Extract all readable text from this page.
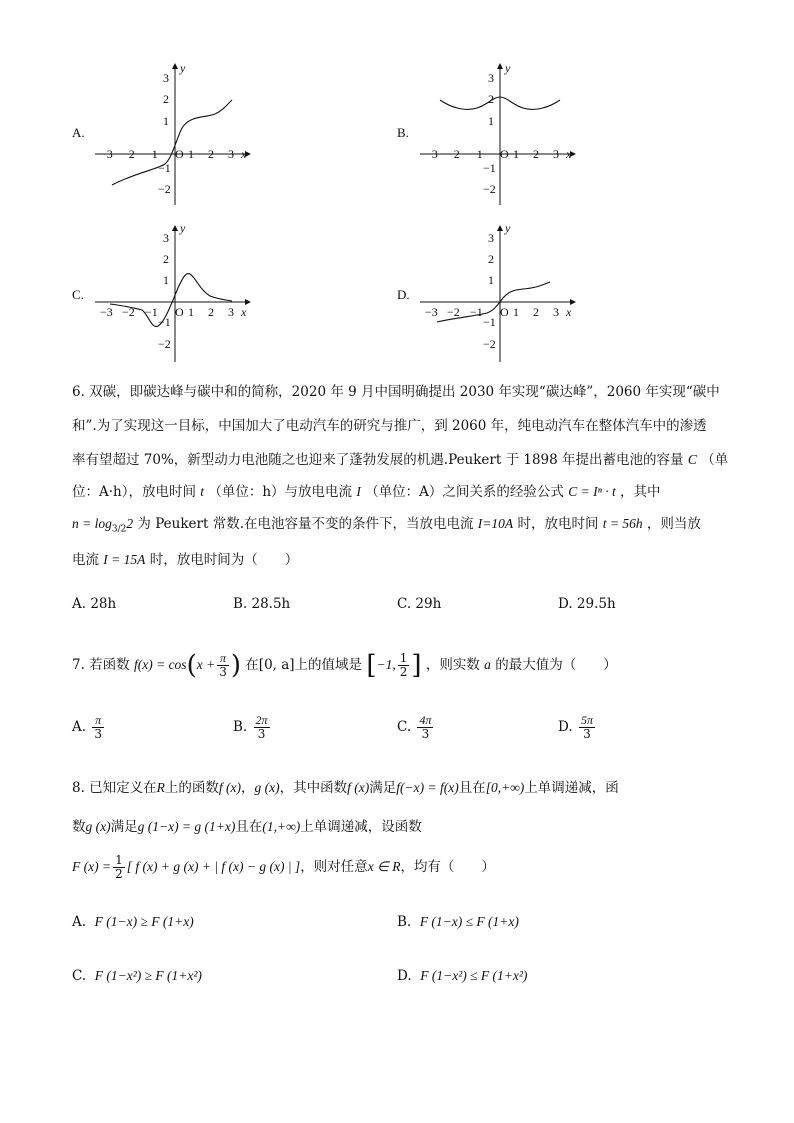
A.	B.
C.	D.
−3 −2 −1 O 1 2 3 x
y
3
2
1
−1
−2
−3 −2 −1 O 1 2 3 x
y
3
2
1
−1
−2
−3 −2 −1 O 1 2 3 x
y
3
2
1
−1
−2
−3 −2 −1 O 1 2 3 x
y
3
2
1
−1
−2
6. 双碳，即碳达峰与碳中和的简称，2020 年 9 月中国明确提出 2030 年实现“碳达峰”，2060 年实现“碳中
和”.为了实现这一目标，中国加大了电动汽车的研究与推广，到 2060 年，纯电动汽车在整体汽车中的渗透
率有望超过 70%，新型动力电池随之也迎来了蓬勃发展的机遇.Peukert 于 1898 年提出蓄电池的容量 C （单
位：A·h），放电时间 t （单位：h）与放电电流 I （单位：A）之间关系的经验公式 C = Iⁿ · t ，其中
$n = \log_{3/2}2$ 为 Peukert 常数.在电池容量不变的条件下，当放电电流 I=10A 时，放电时间 t = 56h ，则当放
电流 I = 15A 时，放电时间为（　　）
A. 28h	B. 28.5h	C. 29h	D. 29.5h
7. 若函数 $f(x) = \cos(x + \frac{\pi}{3}$ ) 在[0, a]上的值域是 [−1, $\frac{1}{2}$ ] ，则实数 a 的最大值为（　　）
A. $\frac{\pi}{3}$	B. $\frac{2\pi}{3}$	C. $\frac{4\pi}{3}$	D. $\frac{5\pi}{3}$
8. 已知定义在R上的函数f (x)，g (x)，其中函数f (x)满足f(−x) = f(x)且在[0,+∞)上单调递减，函
数g (x)满足g (1−x) = g (1+x)且在(1,+∞)上单调递减，设函数
F $(x) = \frac{1}{2}$ [ f (x) + g (x) + | f (x) − g (x) | ]，则对任意x ∈ R，均有（　　）
A. F (1−x) ≥ F (1+x)	B. F (1−x) ≤ F (1+x)
C. F (1−x²) ≥ F (1+x²)	D. F (1−x²) ≤ F (1+x²)
